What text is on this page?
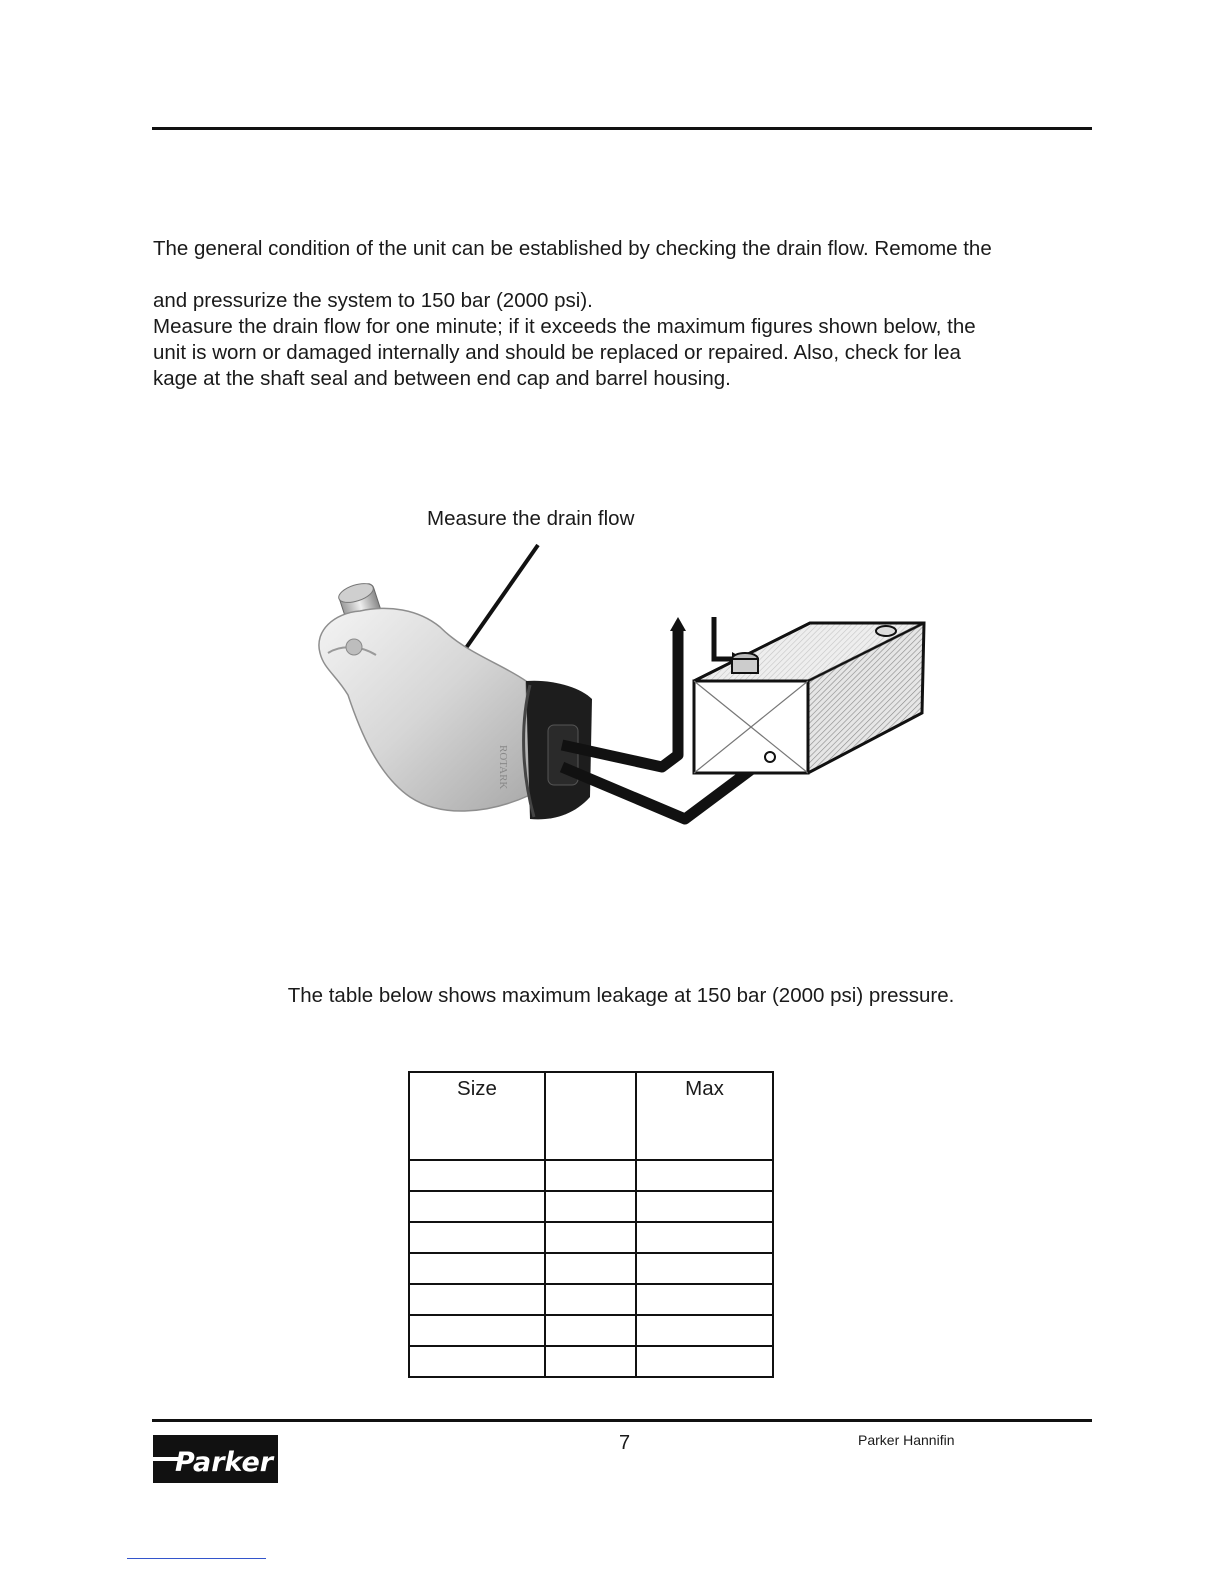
The general condition of the unit can be established by checking the drain flow. Remome the
and pressurize the system to 150 bar (2000 psi).
Measure the drain flow for one minute; if it exceeds the maximum figures shown below, the
unit is worn or damaged internally and should be replaced or repaired. Also, check for lea
kage at the shaft seal and between end cap and barrel housing.
Measure the drain flow
ROTARK
The table below shows maximum leakage at 150 bar (2000 psi) pressure.
Size		Max

Parker
7	Parker Hannifin
